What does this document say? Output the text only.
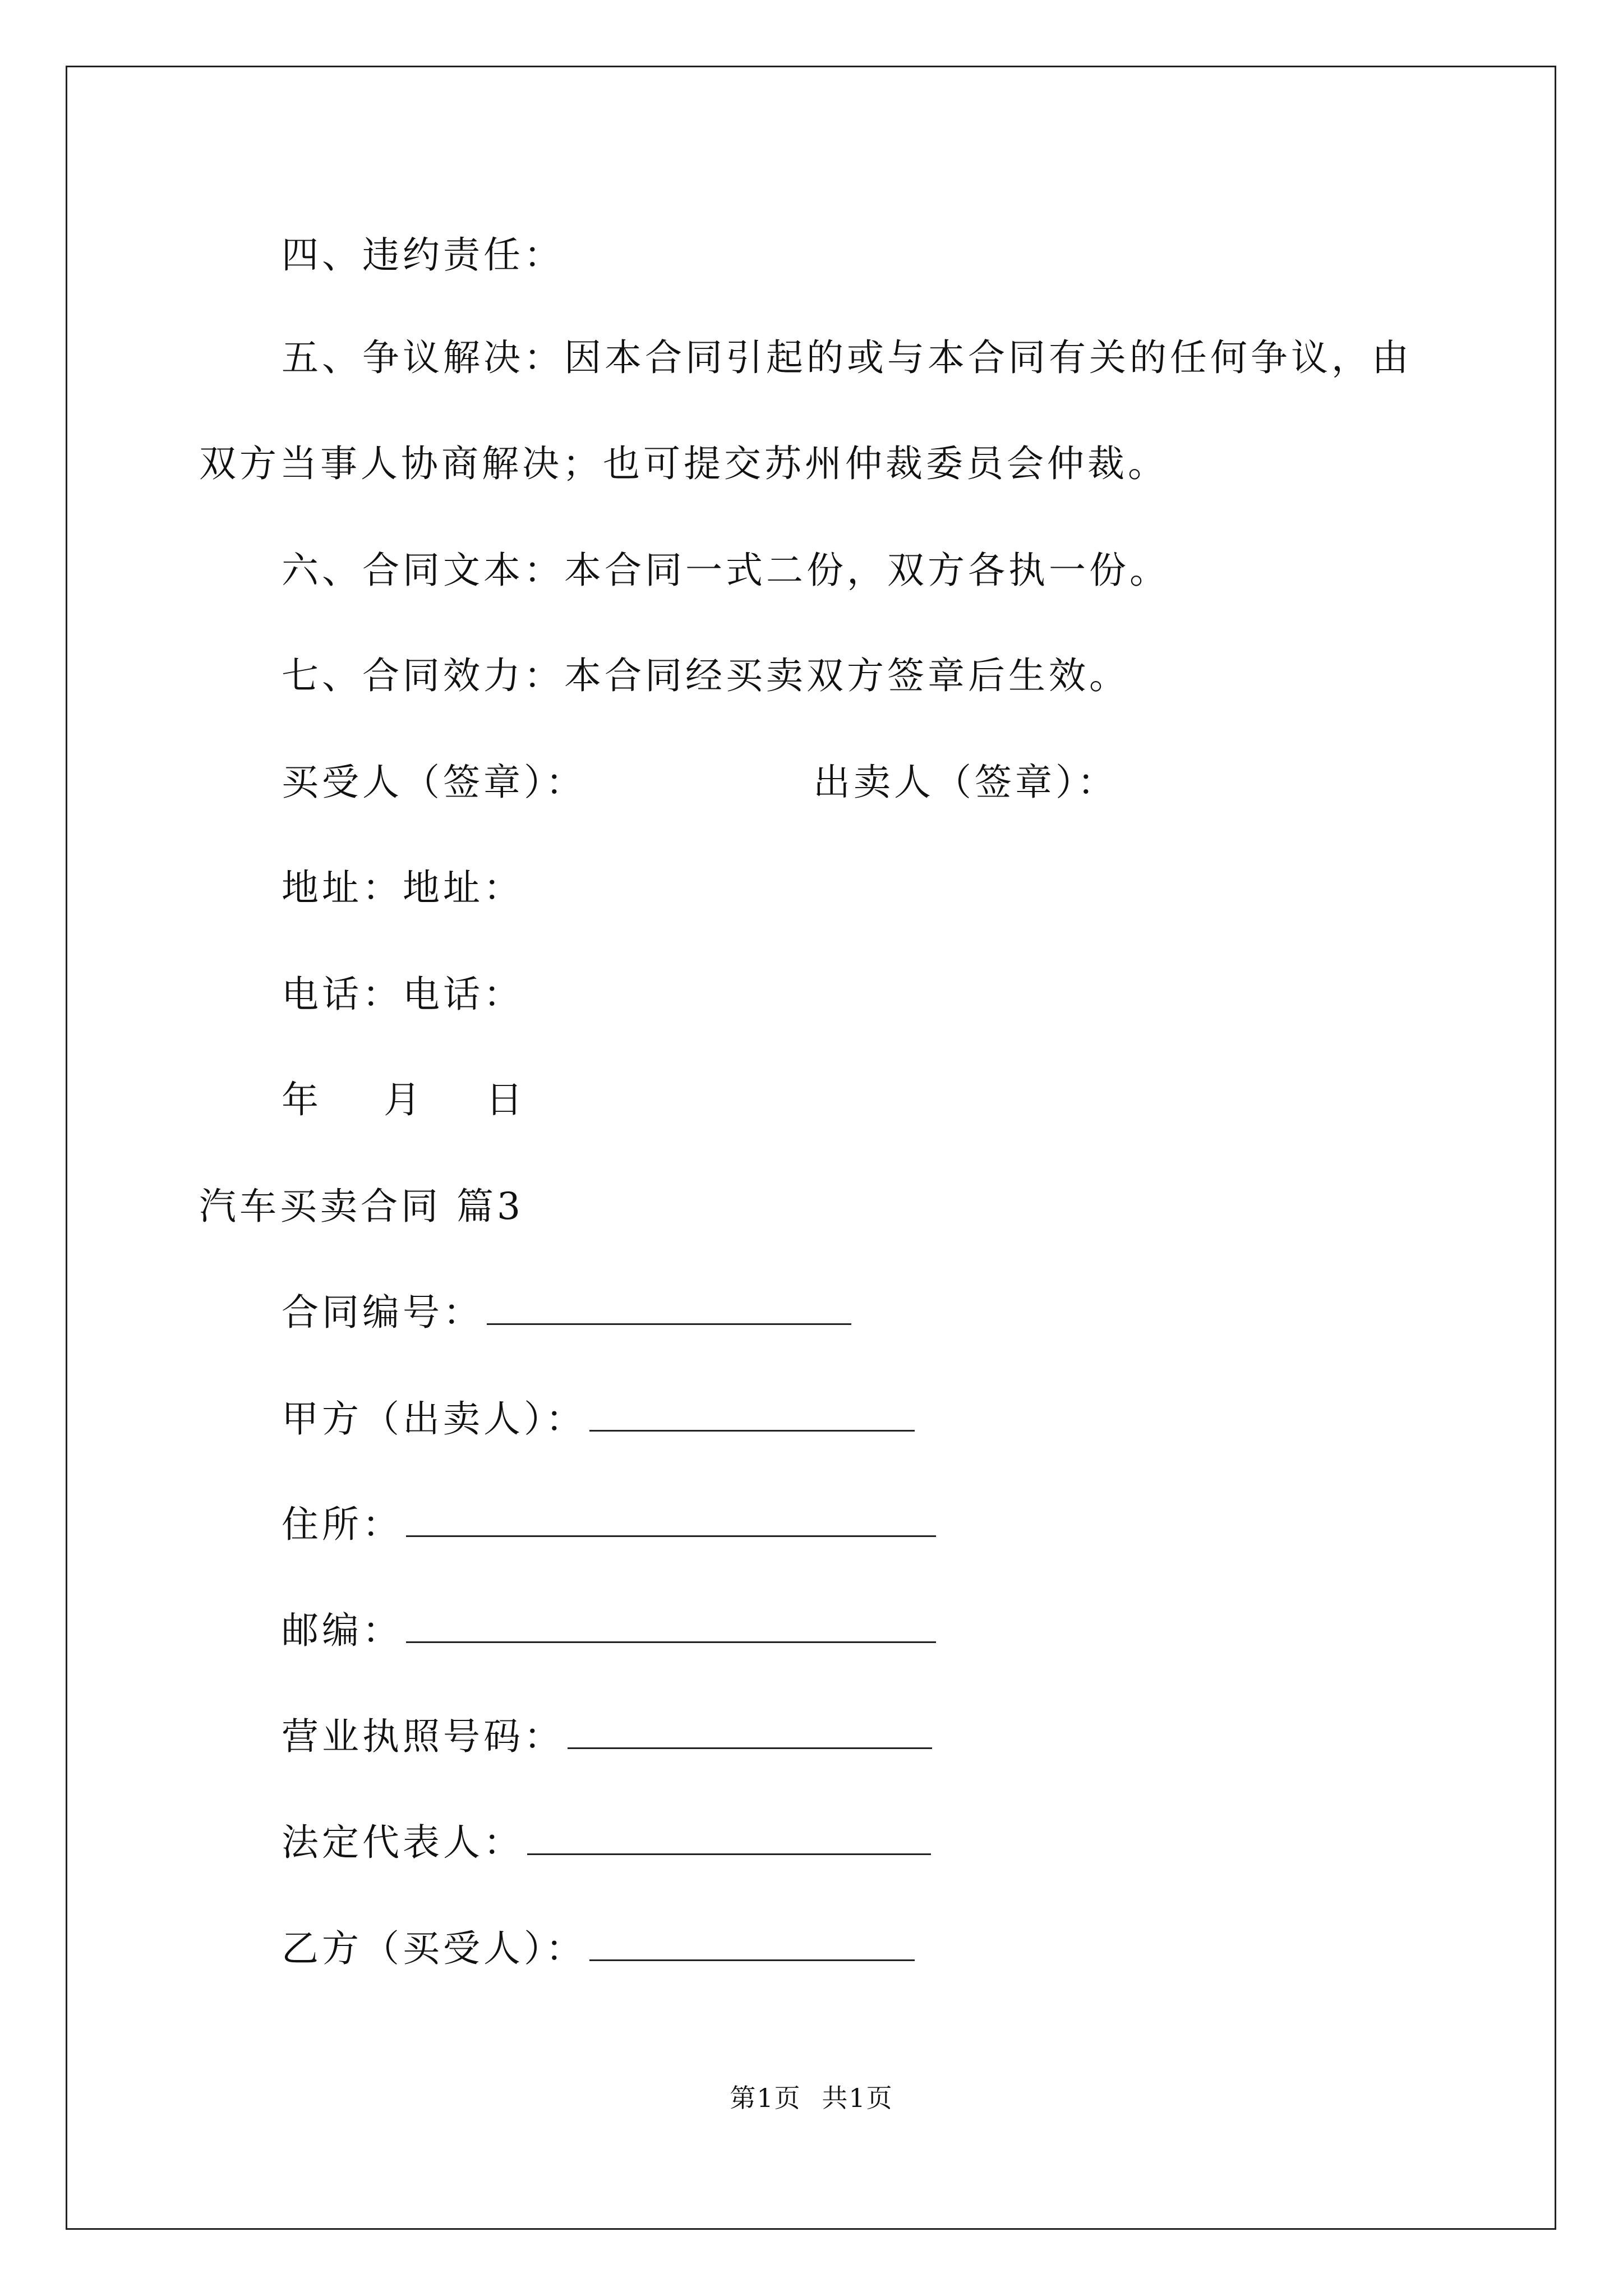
四、违约责任：
五、争议解决：因本合同引起的或与本合同有关的任何争议，由
双方当事人协商解决；也可提交苏州仲裁委员会仲裁。
六、合同文本：本合同一式二份，双方各执一份。
七、合同效力：本合同经买卖双方签章后生效。
买受人（签章）：	出卖人（签章）：
地址：地址：
电话：电话：
年 月 日
汽车买卖合同 篇3
合同编号：
甲方（出卖人）：
住所：
邮编：
营业执照号码：
法定代表人：
乙方（买受人）：
第1页 共1页
